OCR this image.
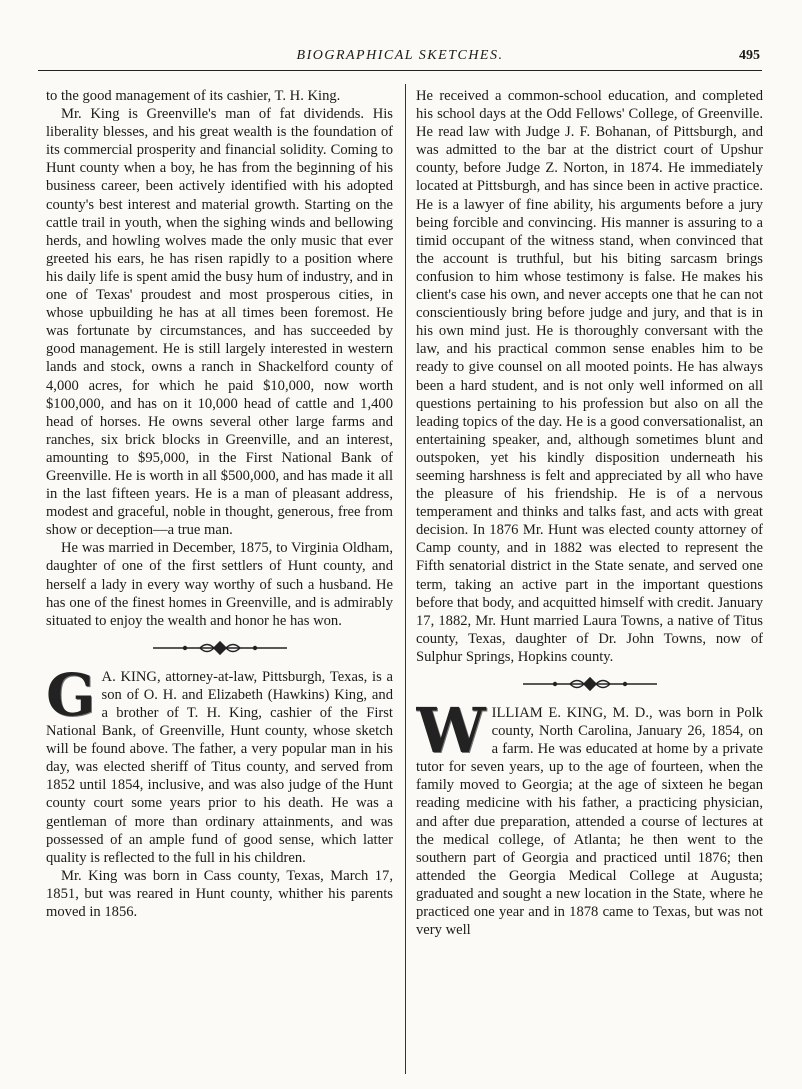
BIOGRAPHICAL SKETCHES.	495

to the good management of its cashier, T. H. King.

Mr. King is Greenville's man of fat dividends. His liberality blesses, and his great wealth is the foundation of its commercial prosperity and financial solidity. Coming to Hunt county when a boy, he has from the beginning of his business career, been actively identified with his adopted county's best interest and material growth. Starting on the cattle trail in youth, when the sighing winds and bellowing herds, and howling wolves made the only music that ever greeted his ears, he has risen rapidly to a position where his daily life is spent amid the busy hum of industry, and in one of Texas' proudest and most prosperous cities, in whose upbuilding he has at all times been foremost. He was fortunate by circumstances, and has succeeded by good management. He is still largely interested in western lands and stock, owns a ranch in Shackelford county of 4,000 acres, for which he paid $10,000, now worth $100,000, and has on it 10,000 head of cattle and 1,400 head of horses. He owns several other large farms and ranches, six brick blocks in Greenville, and an interest, amounting to $95,000, in the First National Bank of Greenville. He is worth in all $500,000, and has made it all in the last fifteen years. He is a man of pleasant address, modest and graceful, noble in thought, generous, free from show or deception—a true man.

He was married in December, 1875, to Virginia Oldham, daughter of one of the first settlers of Hunt county, and herself a lady in every way worthy of such a husband. He has one of the finest homes in Greenville, and is admirably situated to enjoy the wealth and honor he has won.

G A. KING, attorney-at-law, Pittsburgh, Texas, is a son of O. H. and Elizabeth (Hawkins) King, and a brother of T. H. King, cashier of the First National Bank, of Greenville, Hunt county, whose sketch will be found above. The father, a very popular man in his day, was elected sheriff of Titus county, and served from 1852 until 1854, inclusive, and was also judge of the Hunt county court some years prior to his death. He was a gentleman of more than ordinary attainments, and was possessed of an ample fund of good sense, which latter quality is reflected to the full in his children.

Mr. King was born in Cass county, Texas, March 17, 1851, but was reared in Hunt county, whither his parents moved in 1856.

He received a common-school education, and completed his school days at the Odd Fellows' College, of Greenville. He read law with Judge J. F. Bohanan, of Pittsburgh, and was admitted to the bar at the district court of Upshur county, before Judge Z. Norton, in 1874. He immediately located at Pittsburgh, and has since been in active practice. He is a lawyer of fine ability, his arguments before a jury being forcible and convincing. His manner is assuring to a timid occupant of the witness stand, when convinced that the account is truthful, but his biting sarcasm brings confusion to him whose testimony is false. He makes his client's case his own, and never accepts one that he can not conscientiously bring before judge and jury, and that is in his own mind just. He is thoroughly conversant with the law, and his practical common sense enables him to be ready to give counsel on all mooted points. He has always been a hard student, and is not only well informed on all questions pertaining to his profession but also on all the leading topics of the day. He is a good conversationalist, an entertaining speaker, and, although sometimes blunt and outspoken, yet his kindly disposition underneath his seeming harshness is felt and appreciated by all who have the pleasure of his friendship. He is of a nervous temperament and thinks and talks fast, and acts with great decision. In 1876 Mr. Hunt was elected county attorney of Camp county, and in 1882 was elected to represent the Fifth senatorial district in the State senate, and served one term, taking an active part in the important questions before that body, and acquitted himself with credit. January 17, 1882, Mr. Hunt married Laura Towns, a native of Titus county, Texas, daughter of Dr. John Towns, now of Sulphur Springs, Hopkins county.

W ILLIAM E. KING, M. D., was born in Polk county, North Carolina, January 26, 1854, on a farm. He was educated at home by a private tutor for seven years, up to the age of fourteen, when the family moved to Georgia; at the age of sixteen he began reading medicine with his father, a practicing physician, and after due preparation, attended a course of lectures at the medical college, of Atlanta; he then went to the southern part of Georgia and practiced until 1876; then attended the Georgia Medical College at Augusta; graduated and sought a new location in the State, where he practiced one year and in 1878 came to Texas, but was not very well
